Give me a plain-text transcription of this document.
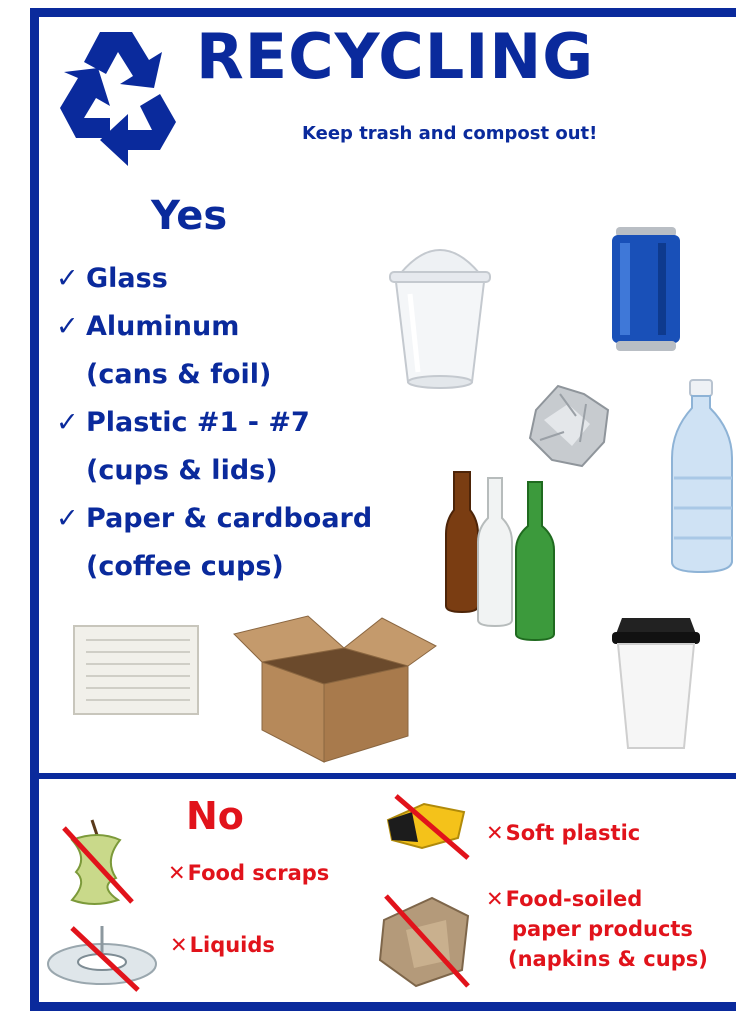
RECYCLING
Keep trash and compost out!
Yes
✓ Glass
✓ Aluminum
(cans & foil)
✓ Plastic #1 - #7
(cups & lids)
✓ Paper & cardboard
(coffee cups)
No
✕Food scraps
✕Liquids
✕Soft plastic
✕Food-soiled
paper products
(napkins & cups)
